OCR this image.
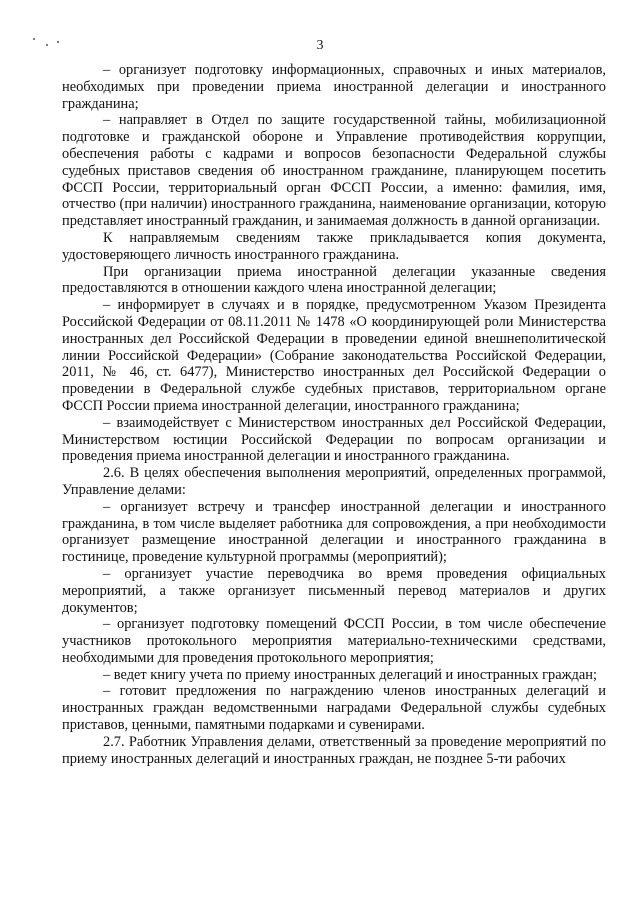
3

– организует подготовку информационных, справочных и иных материалов, необходимых при проведении приема иностранной делегации и иностранного гражданина;

– направляет в Отдел по защите государственной тайны, мобилизационной подготовке и гражданской обороне и Управление противодействия коррупции, обеспечения работы с кадрами и вопросов безопасности Федеральной службы судебных приставов сведения об иностранном гражданине, планирующем посетить ФССП России, территориальный орган ФССП России, а именно: фамилия, имя, отчество (при наличии) иностранного гражданина, наименование организации, которую представляет иностранный гражданин, и занимаемая должность в данной организации.

К направляемым сведениям также прикладывается копия документа, удостоверяющего личность иностранного гражданина.

При организации приема иностранной делегации указанные сведения предоставляются в отношении каждого члена иностранной делегации;

– информирует в случаях и в порядке, предусмотренном Указом Президента Российской Федерации от 08.11.2011 № 1478 «О координирующей роли Министерства иностранных дел Российской Федерации в проведении единой внешнеполитической линии Российской Федерации» (Собрание законодательства Российской Федерации, 2011, № 46, ст. 6477), Министерство иностранных дел Российской Федерации о проведении в Федеральной службе судебных приставов, территориальном органе ФССП России приема иностранной делегации, иностранного гражданина;

– взаимодействует с Министерством иностранных дел Российской Федерации, Министерством юстиции Российской Федерации по вопросам организации и проведения приема иностранной делегации и иностранного гражданина.

2.6. В целях обеспечения выполнения мероприятий, определенных программой, Управление делами:

– организует встречу и трансфер иностранной делегации и иностранного гражданина, в том числе выделяет работника для сопровождения, а при необходимости организует размещение иностранной делегации и иностранного гражданина в гостинице, проведение культурной программы (мероприятий);

– организует участие переводчика во время проведения официальных мероприятий, а также организует письменный перевод материалов и других документов;

– организует подготовку помещений ФССП России, в том числе обеспечение участников протокольного мероприятия материально-техническими средствами, необходимыми для проведения протокольного мероприятия;

– ведет книгу учета по приему иностранных делегаций и иностранных граждан;

– готовит предложения по награждению членов иностранных делегаций и иностранных граждан ведомственными наградами Федеральной службы судебных приставов, ценными, памятными подарками и сувенирами.

2.7. Работник Управления делами, ответственный за проведение мероприятий по приему иностранных делегаций и иностранных граждан, не позднее 5-ти рабочих
